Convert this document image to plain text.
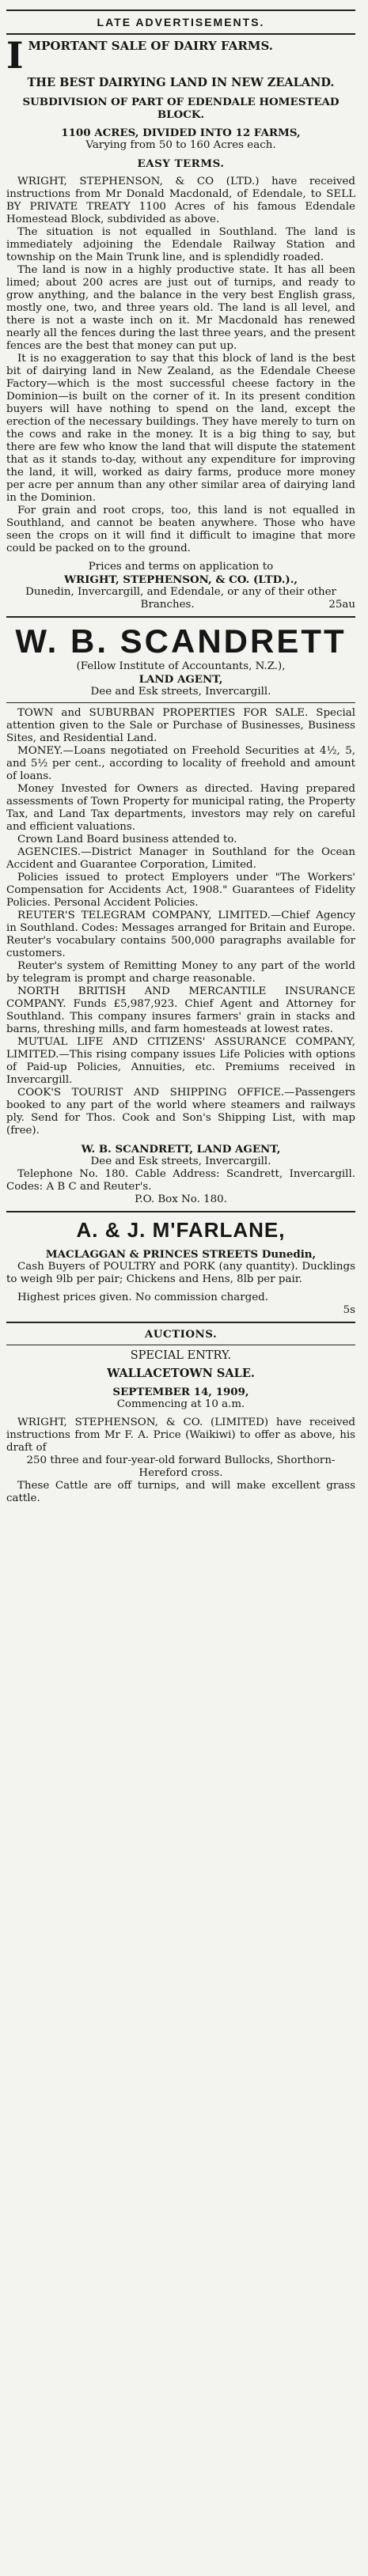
LATE ADVERTISEMENTS.
IMPORTANT SALE OF DAIRY FARMS.
THE BEST DAIRYING LAND IN NEW ZEALAND.
SUBDIVISION OF PART OF EDENDALE HOMESTEAD BLOCK.
1100 ACRES, DIVIDED INTO 12 FARMS,
Varying from 50 to 160 Acres each.
EASY TERMS.

WRIGHT, STEPHENSON, & CO (LTD.) have received instructions from Mr Donald Macdonald, of Edendale, to SELL BY PRIVATE TREATY 1100 Acres of his famous Edendale Homestead Block, subdivided as above.

The situation is not equalled in Southland. The land is immediately adjoining the Edendale Railway Station and township on the Main Trunk line, and is splendidly roaded.

The land is now in a highly productive state. It has all been limed; about 200 acres are just out of turnips, and ready to grow anything, and the balance in the very best English grass, mostly one, two, and three years old. The land is all level, and there is not a waste inch on it. Mr Macdonald has renewed nearly all the fences during the last three years, and the present fences are the best that money can put up.

It is no exaggeration to say that this block of land is the best bit of dairying land in New Zealand, as the Edendale Cheese Factory—which is the most successful cheese factory in the Dominion—is built on the corner of it. In its present condition buyers will have nothing to spend on the land, except the erection of the necessary buildings. They have merely to turn on the cows and rake in the money. It is a big thing to say, but there are few who know the land that will dispute the statement that as it stands to-day, without any expenditure for improving the land, it will, worked as dairy farms, produce more money per acre per annum than any other similar area of dairying land in the Dominion.

For grain and root crops, too, this land is not equalled in Southland, and cannot be beaten anywhere. Those who have seen the crops on it will find it difficult to imagine that more could be packed on to the ground.

Prices and terms on application to
WRIGHT, STEPHENSON, & CO. (LTD.).,
Dunedin, Invercargill, and Edendale, or any of their other
Branches.	25au
W. B. SCANDRETT
(Fellow Institute of Accountants, N.Z.),
LAND AGENT,
Dee and Esk streets, Invercargill.

TOWN and SUBURBAN PROPERTIES FOR SALE. Special attention given to the Sale or Purchase of Businesses, Business Sites, and Residential Land.

MONEY.—Loans negotiated on Freehold Securities at 4½, 5, and 5½ per cent., according to locality of freehold and amount of loans.

Money Invested for Owners as directed. Having prepared assessments of Town Property for municipal rating, the Property Tax, and Land Tax departments, investors may rely on careful and efficient valuations.

Crown Land Board business attended to.

AGENCIES.—District Manager in Southland for the Ocean Accident and Guarantee Corporation, Limited.

Policies issued to protect Employers under "The Workers' Compensation for Accidents Act, 1908." Guarantees of Fidelity Policies. Personal Accident Policies.

REUTER'S TELEGRAM COMPANY, LIMITED.—Chief Agency in Southland. Codes: Messages arranged for Britain and Europe. Reuter's vocabulary contains 500,000 paragraphs available for customers.

Reuter's system of Remitting Money to any part of the world by telegram is prompt and charge reasonable.

NORTH BRITISH AND MERCANTILE INSURANCE COMPANY. Funds £5,987,923. Chief Agent and Attorney for Southland. This company insures farmers' grain in stacks and barns, threshing mills, and farm homesteads at lowest rates.

MUTUAL LIFE AND CITIZENS' ASSURANCE COMPANY, LIMITED.—This rising company issues Life Policies with options of Paid-up Policies, Annuities, etc. Premiums received in Invercargill.

COOK'S TOURIST AND SHIPPING OFFICE.—Passengers booked to any part of the world where steamers and railways ply. Send for Thos. Cook and Son's Shipping List, with map (free).

W. B. SCANDRETT, LAND AGENT,
Dee and Esk streets, Invercargill.

Telephone No. 180. Cable Address: Scandrett, Invercargill. Codes: A B C and Reuter's.

P.O. Box No. 180.
A. & J. M'FARLANE,

MACLAGGAN & PRINCES STREETS Dunedin,

Cash Buyers of POULTRY and PORK (any quantity). Ducklings to weigh 9lb per pair; Chickens and Hens, 8lb per pair.

Highest prices given. No commission charged.

5s
AUCTIONS.
SPECIAL ENTRY.
WALLACETOWN SALE.
SEPTEMBER 14, 1909,
Commencing at 10 a.m.

WRIGHT, STEPHENSON, & CO. (LIMITED) have received instructions from Mr F. A. Price (Waikiwi) to offer as above, his draft of

250 three and four-year-old forward Bullocks, Shorthorn-Hereford cross.

These Cattle are off turnips, and will make excellent grass cattle.
